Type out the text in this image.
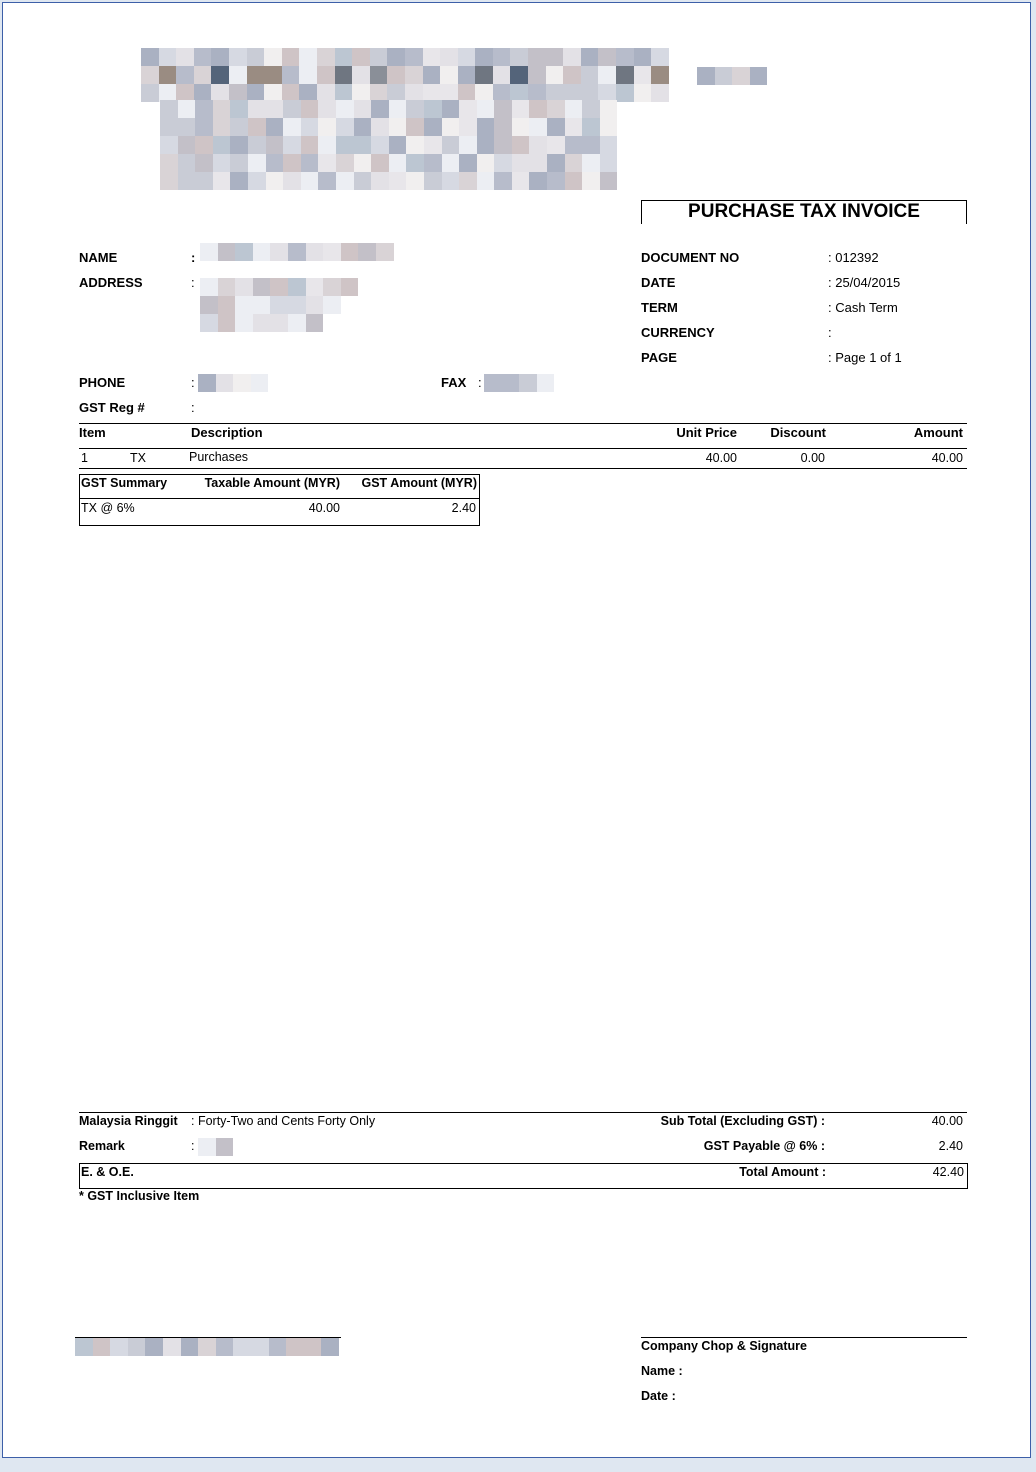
PURCHASE TAX INVOICE
NAME	:
ADDRESS	:
PHONE	:	FAX :
GST Reg #	:
DOCUMENT NO	: 012392
DATE	: 25/04/2015
TERM	: Cash Term
CURRENCY	:
PAGE	: Page 1 of 1
Item	Description	Unit Price	Discount	Amount
1	TX	Purchases	40.00	0.00	40.00
GST Summary	Taxable Amount (MYR)	GST Amount (MYR)
TX @ 6%	40.00	2.40
Malaysia Ringgit : Forty-Two and Cents Forty Only	Sub Total (Excluding GST) :	40.00
Remark	:	GST Payable @ 6% :	2.40
E. & O.E.	Total Amount :	42.40
* GST Inclusive Item
Company Chop & Signature
Name :
Date :
